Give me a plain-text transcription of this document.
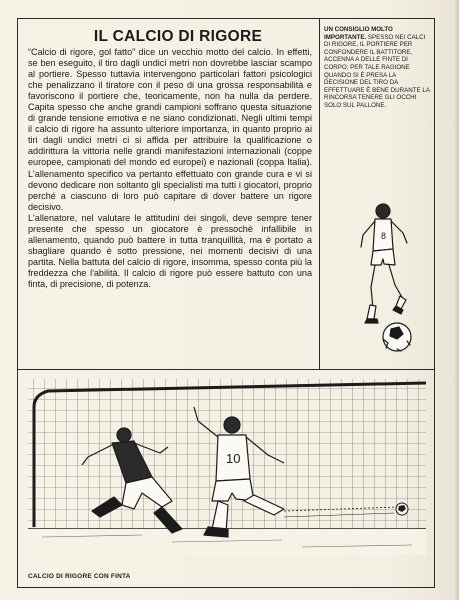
IL CALCIO DI RIGORE

“Calcio di rigore, gol fatto” dice un vecchio motto del calcio. In effetti, se ben eseguito, il tiro dagli undici metri non dovrebbe lasciar scampo al portiere. Spesso tuttavia intervengono particolari fattori psicologici che penalizzano il tiratore con il peso di una grossa responsabilità e favoriscono il portiere che, teoricamente, non ha nulla da perdere. Capita spesso che anche grandi campioni soffrano questa situazione di grande tensione emotiva e ne siano condizionati. Negli ultimi tempi il calcio di rigore ha assunto ulteriore importanza, in quanto proprio ai tiri dagli undici metri ci si affida per attribuire la qualificazione o addirittura la vittoria nelle grandi manifestazioni internazionali (coppe europee, campionati del mondo ed europei) e nazionali (coppa Italia). L'allenamento specifico va pertanto effettuato con grande cura e vi si devono dedicare non soltanto gli specialisti ma tutti i giocatori, proprio perché a ciascuno di loro può capitare di dover battere un rigore decisivo.

L'allenatore, nel valutare le attitudini dei singoli, deve sempre tener presente che spesso un giocatore è pressoché infallibile in allenamento, quando può battere in tutta tranquillità, ma è portato a sbagliare quando è sotto pressione, nei momenti decisivi di una partita. Nella battuta del calcio di rigore, insomma, spesso conta più la freddezza che l'abilità. Il calcio di rigore può essere battuto con una finta, di precisione, di potenza.

UN CONSIGLIO MOLTO IMPORTANTE. SPESSO NEI CALCI DI RIGORE, IL PORTIERE PER CONFONDERE IL BATTITORE, ACCENNA A DELLE FINTE DI CORPO; PER TALE RAGIONE QUANDO SI È PRESA LA DECISIONE DEL TIRO DA EFFETTUARE È BENE DURANTE LA RINCORSA TENERE GLI OCCHI SOLO SUL PALLONE.
8
10
CALCIO DI RIGORE CON FINTA
